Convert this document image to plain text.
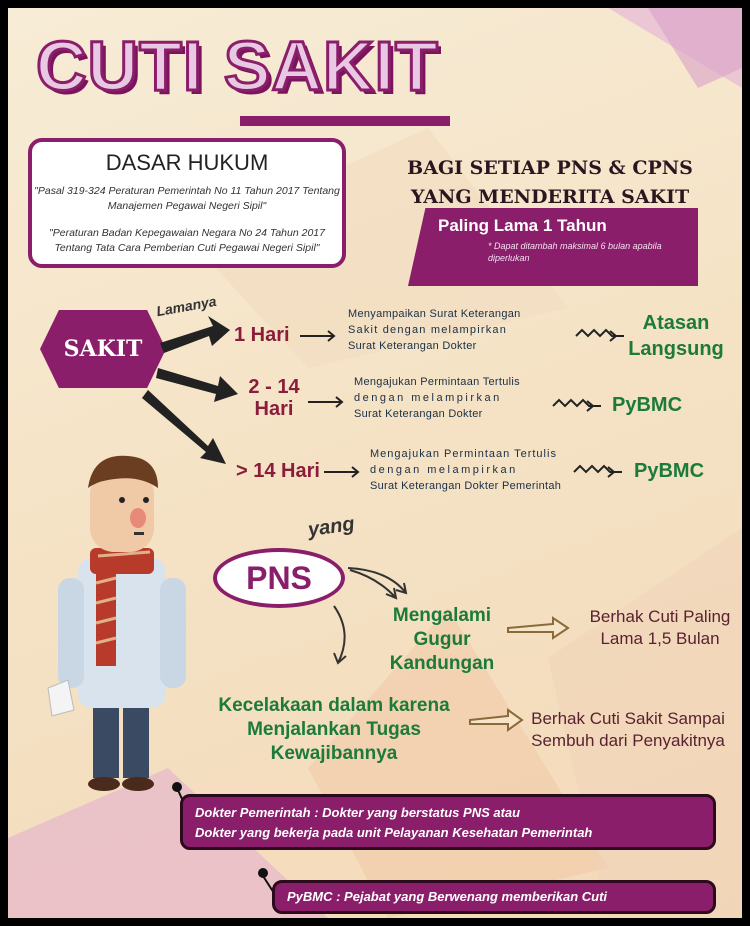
CUTI SAKIT
DASAR HUKUM
"Pasal 319-324 Peraturan Pemerintah No 11 Tahun 2017 Tentang Manajemen Pegawai Negeri Sipil"
"Peraturan Badan Kepegawaian Negara No 24 Tahun 2017 Tentang Tata Cara Pemberian Cuti Pegawai Negeri Sipil"
BAGI SETIAP PNS & CPNS
YANG MENDERITA SAKIT
Paling Lama 1 Tahun
* Dapat ditambah maksimal 6 bulan apabila diperlukan
SAKIT
Lamanya
1 Hari
Menyampaikan Surat Keterangan
Sakit dengan melampirkan
Surat Keterangan Dokter
Atasan
Langsung
2 - 14 Hari
Mengajukan Permintaan Tertulis
dengan melampirkan
Surat Keterangan Dokter	PyBMC
> 14 Hari
Mengajukan Permintaan Tertulis
dengan melampirkan
Surat Keterangan Dokter Pemerintah
PyBMC
yang
PNS
Mengalami Gugur
Kandungan
Berhak Cuti Paling
Lama 1,5 Bulan
Kecelakaan dalam karena
Menjalankan Tugas Kewajibannya
Berhak Cuti Sakit Sampai
Sembuh dari Penyakitnya
Dokter Pemerintah : Dokter yang berstatus PNS atau
Dokter yang bekerja pada unit Pelayanan Kesehatan Pemerintah
PyBMC : Pejabat yang Berwenang memberikan Cuti
